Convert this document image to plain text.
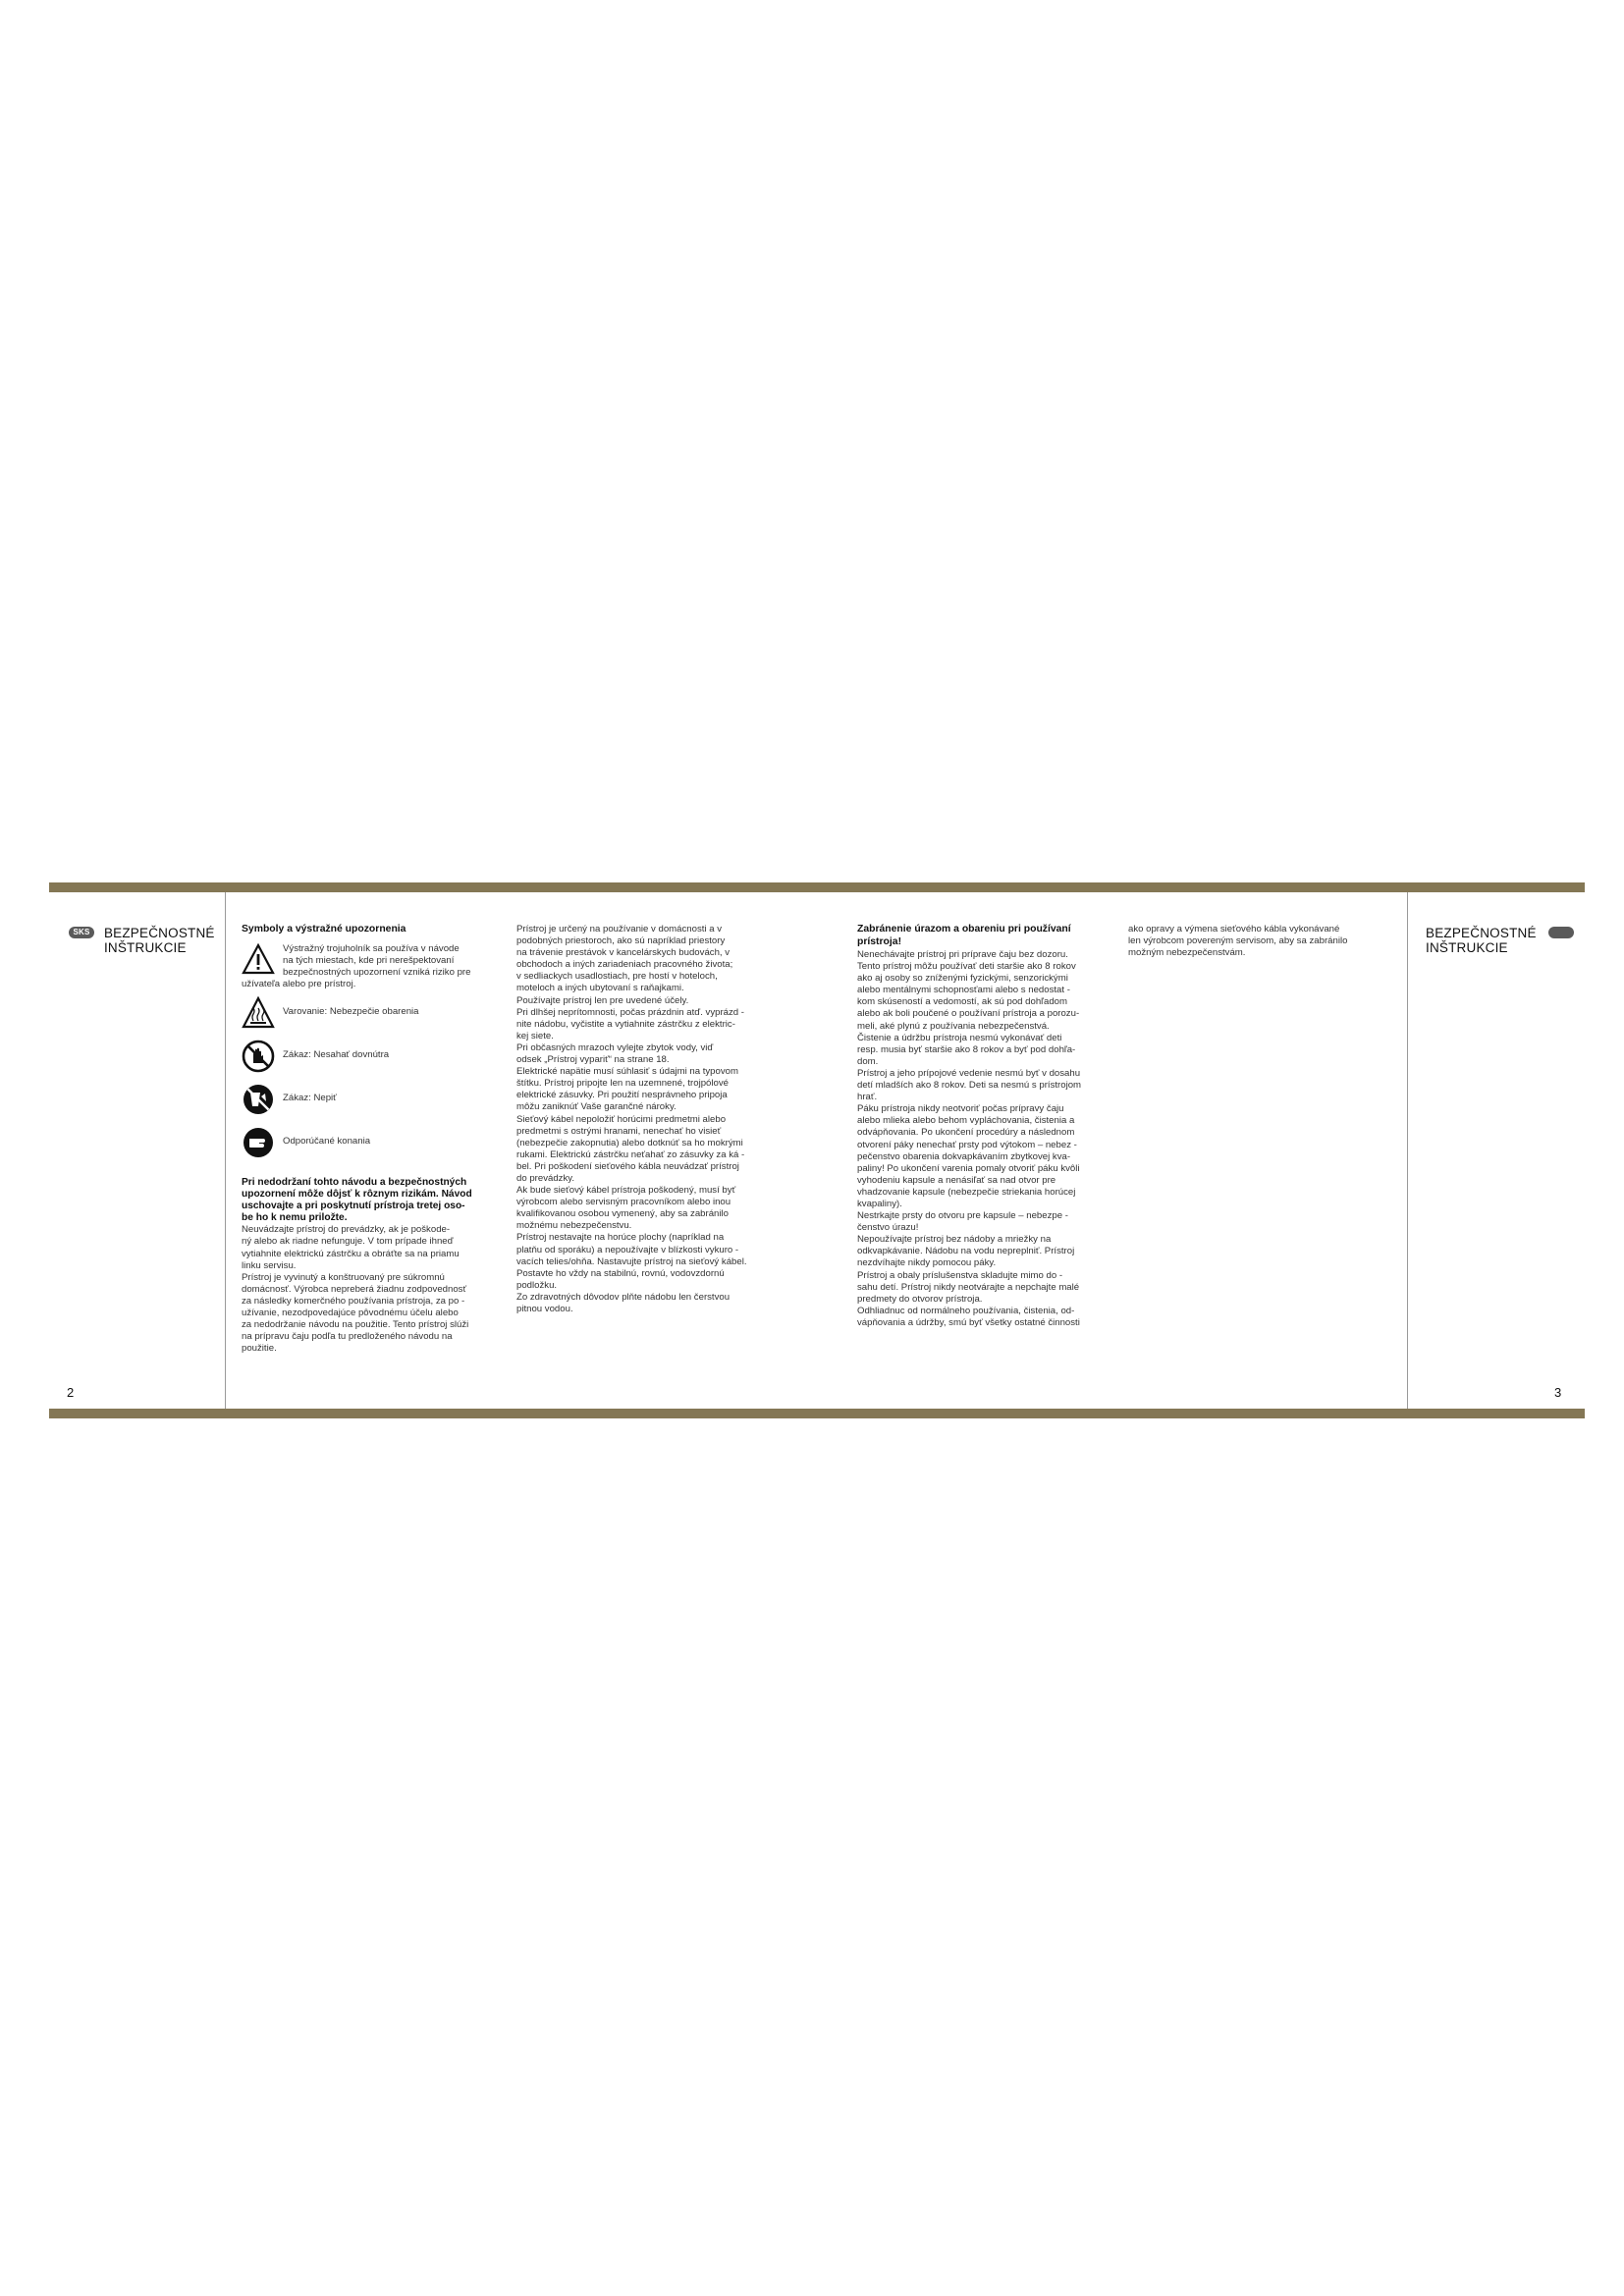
SKS BEZPEČNOSTNÉ
INŠTRUKCIE
BEZPEČNOSTNÉ
INŠTRUKCIE
2	3
Symboly a výstražné upozornenia

Výstražný trojuholník sa používa v návode

na tých miestach, kde pri nerešpektovaní

bezpečnostných upozornení vzniká riziko pre

užívateľa alebo pre prístroj.

Varovanie: Nebezpečie obarenia
Zákaz: Nesahať dovnútra
Zákaz: Nepiť
Odporúčané konania

Pri nedodržaní tohto návodu a bezpečnostných

upozornení môže dôjsť k rôznym rizikám. Návod

uschovajte a pri poskytnutí prístroja tretej oso-

be ho k nemu priložte.

Neuvádzajte prístroj do prevádzky, ak je poškode-

ný alebo ak riadne nefunguje. V tom prípade ihneď

vytiahnite elektrickú zástrčku a obráťte sa na priamu

linku servisu.

Prístroj je vyvinutý a konštruovaný pre súkromnú

domácnosť. Výrobca nepreberá žiadnu zodpovednosť

za následky komerčného používania prístroja, za po -

užívanie, nezodpovedajúce pôvodnému účelu alebo

za nedodržanie návodu na použitie. Tento prístroj slúži

na prípravu čaju podľa tu predloženého návodu na

použitie.

Prístroj je určený na používanie v domácnosti a v

podobných priestoroch, ako sú napríklad priestory

na trávenie prestávok v kancelárskych budovách, v

obchodoch a iných zariadeniach pracovného života;

v sedliackych usadlostiach, pre hostí v hoteloch,

moteloch a iných ubytovaní s raňajkami.

Používajte prístroj len pre uvedené účely.

Pri dlhšej neprítomnosti, počas prázdnin atď. vyprázd -

nite nádobu, vyčistite a vytiahnite zástrčku z elektric-

kej siete.

Pri občasných mrazoch vylejte zbytok vody, viď

odsek „Prístroj vypariť“ na strane 18.

Elektrické napätie musí súhlasiť s údajmi na typovom

štítku. Prístroj pripojte len na uzemnené, trojpólové

elektrické zásuvky. Pri použití nesprávneho pripoja

môžu zaniknúť Vaše garančné nároky.

Sieťový kábel nepoložiť horúcimi predmetmi alebo

predmetmi s ostrými hranami, nenechať ho visieť

(nebezpečie zakopnutia) alebo dotknúť sa ho mokrými

rukami. Elektrickú zástrčku neťahať zo zásuvky za ká -

bel. Pri poškodení sieťového kábla neuvádzať prístroj

do prevádzky.

Ak bude sieťový kábel prístroja poškodený, musí byť

výrobcom alebo servisným pracovníkom alebo inou

kvalifikovanou osobou vymenený, aby sa zabránilo

možnému nebezpečenstvu.

Prístroj nestavajte na horúce plochy (napríklad na

platňu od sporáku) a nepoužívajte v blízkosti vykuro -

vacích telies/ohňa. Nastavujte prístroj na sieťový kábel.

Postavte ho vždy na stabilnú, rovnú, vodovzdornú

podložku.

Zo zdravotných dôvodov plňte nádobu len čerstvou

pitnou vodou.

Zabránenie úrazom a obareniu pri používaní
prístroja!

Nenechávajte prístroj pri príprave čaju bez dozoru.

Tento prístroj môžu používať deti staršie ako 8 rokov

ako aj osoby so zníženými fyzickými, senzorickými

alebo mentálnymi schopnosťami alebo s nedostat -

kom skúseností a vedomostí, ak sú pod dohľadom

alebo ak boli poučené o používaní prístroja a porozu-

meli, aké plynú z používania nebezpečenstvá.

Čistenie a údržbu prístroja nesmú vykonávať deti

resp. musia byť staršie ako 8 rokov a byť pod dohľa-

dom.

Prístroj a jeho prípojové vedenie nesmú byť v dosahu

detí mladších ako 8 rokov. Deti sa nesmú s prístrojom

hrať.

Páku prístroja nikdy neotvoriť počas prípravy čaju

alebo mlieka alebo behom vypláchovania, čistenia a

odvápňovania. Po ukončení procedúry a následnom

otvorení páky nenechať prsty pod výtokom – nebez -

pečenstvo obarenia dokvapkávaním zbytkovej kva-

paliny! Po ukončení varenia pomaly otvoriť páku kvôli

vyhodeniu kapsule a nenásiľať sa nad otvor pre

vhadzovanie kapsule (nebezpečie striekania horúcej

kvapaliny).

Nestrkajte prsty do otvoru pre kapsule – nebezpe -

čenstvo úrazu!

Nepoužívajte prístroj bez nádoby a mriežky na

odkvapkávanie. Nádobu na vodu nepreplniť. Prístroj

nezdvíhajte nikdy pomocou páky.

Prístroj a obaly príslušenstva skladujte mimo do -

sahu detí. Prístroj nikdy neotvárajte a nepchajte malé

predmety do otvorov prístroja.

Odhliadnuc od normálneho používania, čistenia, od-

vápňovania a údržby, smú byť všetky ostatné činnosti

ako opravy a výmena sieťového kábla vykonávané

len výrobcom povereným servisom, aby sa zabránilo

možným nebezpečenstvám.
